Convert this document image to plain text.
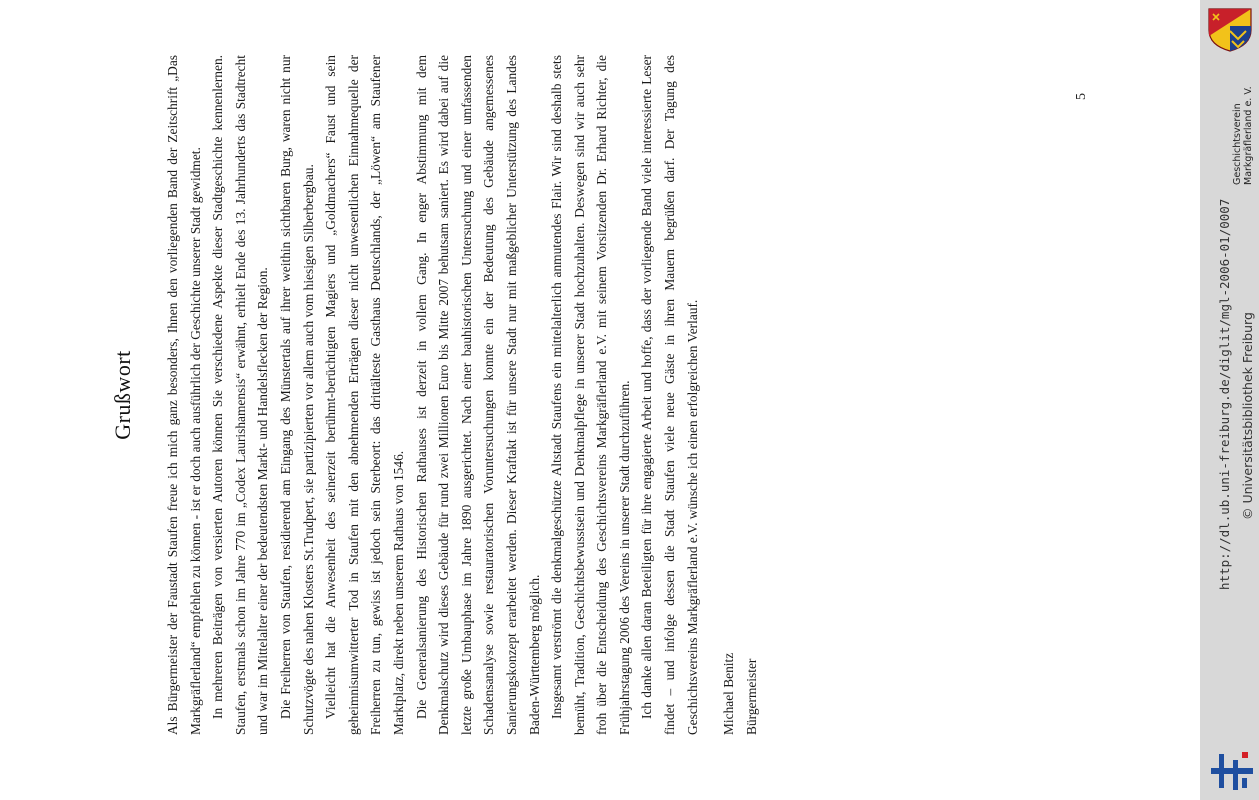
Grußwort Als Bürgermeister der Faustadt Staufen freue ich mich ganz besonders, Ihnen den vorliegenden Band der Zeitschrift „Das Markgräflerland“ empfehlen zu können - ist er doch auch ausführlich der Geschichte unserer Stadt gewidmet. In mehreren Beiträgen von versierten Autoren können Sie verschiedene Aspekte dieser Stadtgeschichte kennenlernen. Staufen, erstmals schon im Jahre 770 im „Codex Laurishamensis“ erwähnt, erhielt Ende des 13. Jahrhunderts das Stadtrecht und war im Mittelalter einer der bedeutendsten Markt- und Handelsflecken der Region. Die Freiherren von Staufen, residierend am Eingang des Münstertals auf ihrer weithin sichtbaren Burg, waren nicht nur Schutzvögte des nahen Klosters St.Trudpert, sie partizipierten vor allem auch vom hiesigen Silberbergbau. Vielleicht hat die Anwesenheit des seinerzeit berühmt-berüchtigten Magiers und „Goldmachers“ Faust und sein geheimnisumwitterter Tod in Staufen mit den abnehmenden Erträgen dieser nicht unwesentlichen Einnahmequelle der Freiherren zu tun, gewiss ist jedoch sein Sterbeort: das drittälteste Gasthaus Deutschlands, der „Löwen“ am Staufener Marktplatz, direkt neben unserem Rathaus von 1546. Die Generalsanierung des Historischen Rathauses ist derzeit in vollem Gang. In enger Abstimmung mit dem Denkmalschutz wird dieses Gebäude für rund zwei Millionen Euro bis Mitte 2007 behutsam saniert. Es wird dabei auf die letzte große Umbauphase im Jahre 1890 ausgerichtet. Nach einer bauhistorischen Untersuchung und einer umfassenden Schadensanalyse sowie restauratorischen Voruntersuchungen konnte ein der Bedeutung des Gebäude angemessenes Sanierungskonzept erarbeitet werden. Dieser Kraftakt ist für unsere Stadt nur mit maßgeblicher Unterstützung des Landes Baden-Württemberg möglich. Insgesamt verströmt die denkmalgeschützte Altstadt Staufens ein mittelalterlich anmutendes Flair. Wir sind deshalb stets bemüht, Tradition, Geschichtsbewusstsein und Denkmalpflege in unserer Stadt hochzuhalten. Deswegen sind wir auch sehr froh über die Entscheidung des Geschichtsvereins Markgräflerland e.V. mit seinem Vorsitzenden Dr. Erhard Richter, die Frühjahrstagung 2006 des Vereins in unserer Stadt durchzuführen. Ich danke allen daran Beteiligten für ihre engagierte Arbeit und hoffe, dass der vorliegende Band viele interessierte Leser findet – und infolge dessen die Stadt Staufen viele neue Gäste in ihren Mauern begrüßen darf. Der Tagung des Geschichtsvereins Markgräflerland e.V. wünsche ich einen erfolgreichen Verlauf.	Michael Benitz Bürgermeister
5
Geschichtsverein Markgräflerland e. V.
http://dl.ub.uni-freiburg.de/diglit/mgl-2006-01/0007 © Universitätsbibliothek Freiburg
